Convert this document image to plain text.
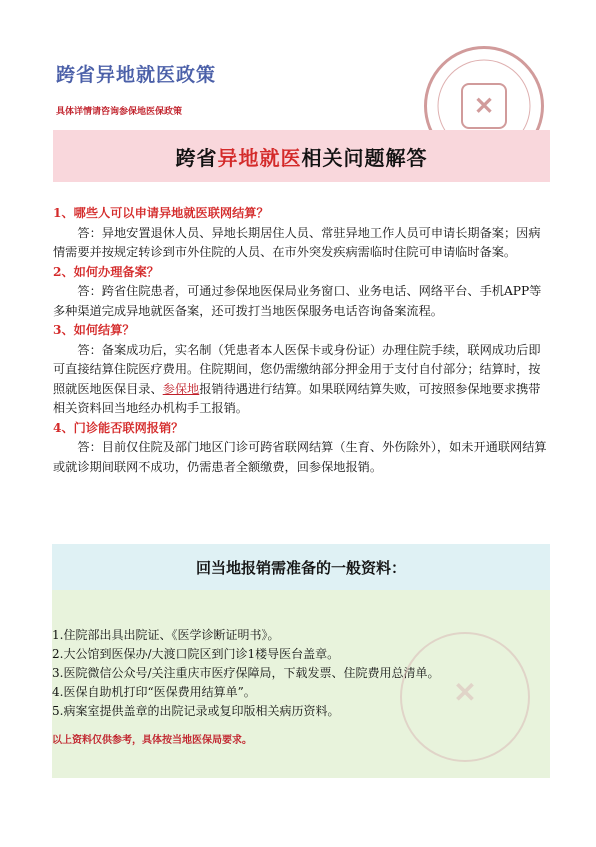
跨省异地就医政策
具体详情请咨询参保地医保政策	✕
跨省异地就医相关问题解答
1、哪些人可以申请异地就医联网结算？
答：异地安置退休人员、异地长期居住人员、常驻异地工作人员可申请长期备案；因病情需要并按规定转诊到市外住院的人员、在市外突发疾病需临时住院可申请临时备案。
2、如何办理备案？
答：跨省住院患者，可通过参保地医保局业务窗口、业务电话、网络平台、手机APP等多种渠道完成异地就医备案，还可拨打当地医保服务电话咨询备案流程。
3、如何结算？
答：备案成功后，实名制（凭患者本人医保卡或身份证）办理住院手续，联网成功后即可直接结算住院医疗费用。住院期间，您仍需缴纳部分押金用于支付自付部分；结算时，按照就医地医保目录、参保地报销待遇进行结算。如果联网结算失败，可按照参保地要求携带相关资料回当地经办机构手工报销。
4、门诊能否联网报销？
答：目前仅住院及部门地区门诊可跨省联网结算（生育、外伤除外），如未开通联网结算或就诊期间联网不成功，仍需患者全额缴费，回参保地报销。
回当地报销需准备的一般资料：
1.住院部出具出院证、《医学诊断证明书》。
2.大公馆到医保办/大渡口院区到门诊1楼导医台盖章。
3.医院微信公众号/关注重庆市医疗保障局，下载发票、住院费用总清单。
4.医保自助机打印“医保费用结算单”。
5.病案室提供盖章的出院记录或复印版相关病历资料。
以上资料仅供参考，具体按当地医保局要求。
✕
